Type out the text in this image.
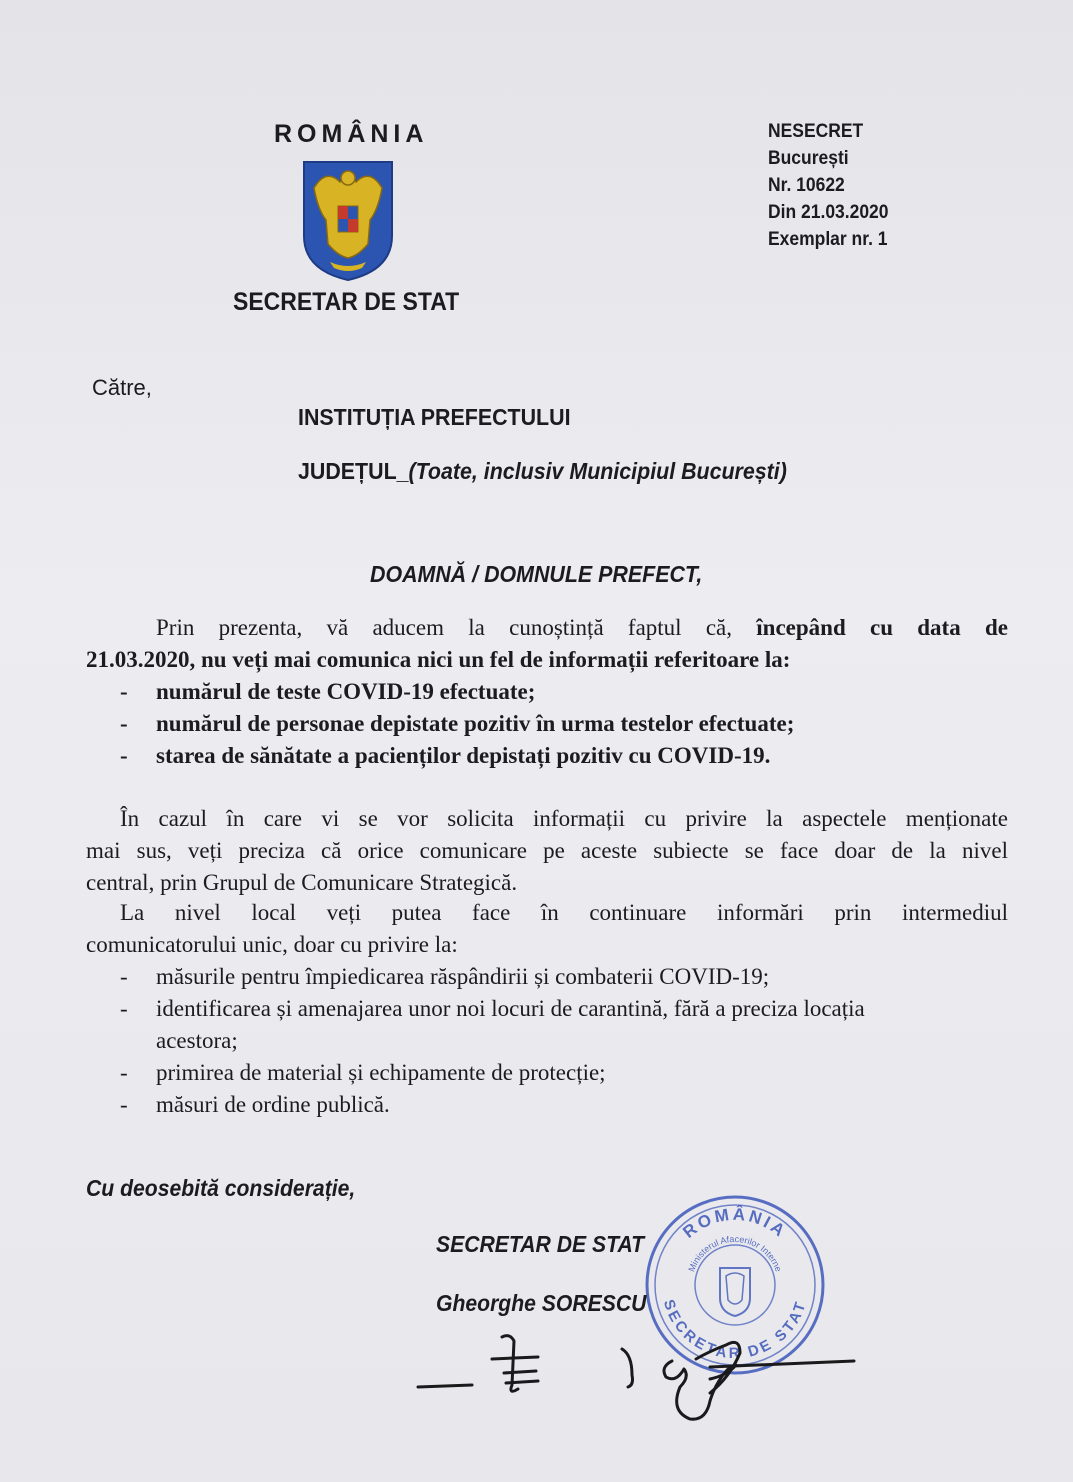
ROMÂNIA
SECRETAR DE STAT
NESECRET
București
Nr. 10622
Din 21.03.2020
Exemplar nr. 1
Către,
INSTITUȚIA PREFECTULUI
JUDEȚUL_(Toate, inclusiv Municipiul București)
DOAMNĂ / DOMNULE PREFECT,
Prin prezenta, vă aducem la cunoștință faptul că, începând cu data de
21.03.2020, nu veți mai comunica nici un fel de informații referitoare la:
- numărul de teste COVID-19 efectuate;
- numărul de personae depistate pozitiv în urma testelor efectuate;
- starea de sănătate a pacienților depistați pozitiv cu COVID-19.
În cazul în care vi se vor solicita informații cu privire la aspectele menționate
mai sus, veți preciza că orice comunicare pe aceste subiecte se face doar de la nivel
central, prin Grupul de Comunicare Strategică.
La nivel local veți putea face în continuare informări prin intermediul
comunicatorului unic, doar cu privire la:
- măsurile pentru împiedicarea răspândirii și combaterii COVID-19;
- identificarea și amenajarea unor noi locuri de carantină, fără a preciza locația
acestora;
- primirea de material și echipamente de protecție;
- măsuri de ordine publică.
Cu deosebită considerație,
ROMÂNIA
Ministerul Afacerilor Interne
SECRETAR DE STAT
SECRETAR DE STAT
Gheorghe SORESCU
